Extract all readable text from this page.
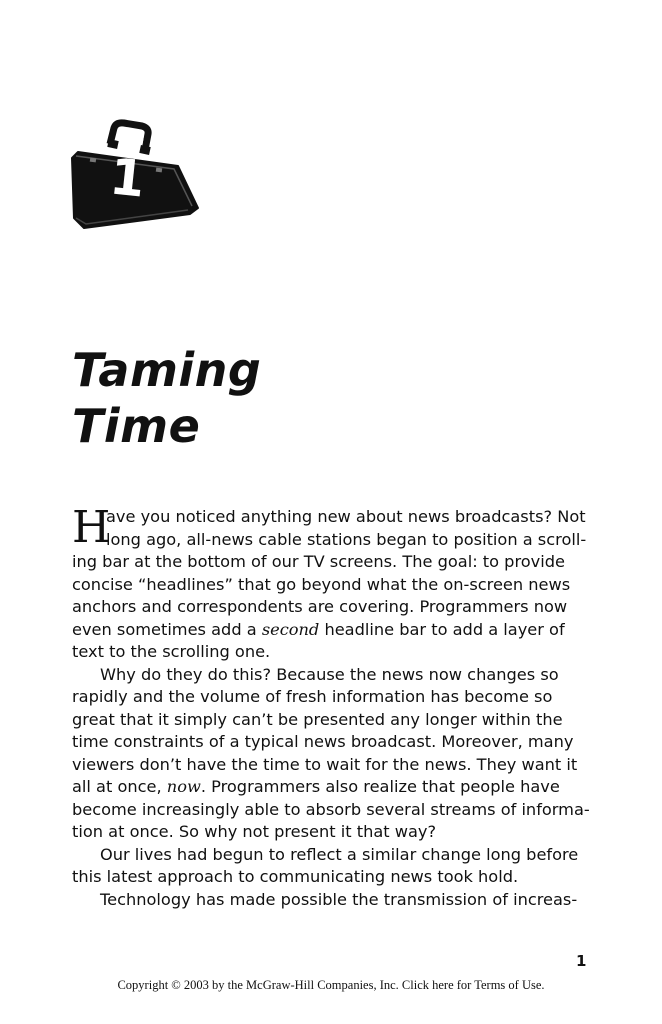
1
Taming
Time
H
ave you noticed anything new about news broadcasts? Not
long ago, all-news cable stations began to position a scroll-
ing bar at the bottom of our TV screens. The goal: to provide
concise “headlines” that go beyond what the on-screen news
anchors and correspondents are covering. Programmers now
even sometimes add a second headline bar to add a layer of
text to the scrolling one.
Why do they do this? Because the news now changes so
rapidly and the volume of fresh information has become so
great that it simply can’t be presented any longer within the
time constraints of a typical news broadcast. Moreover, many
viewers don’t have the time to wait for the news. They want it
all at once, now. Programmers also realize that people have
become increasingly able to absorb several streams of informa-
tion at once. So why not present it that way?
Our lives had begun to reflect a similar change long before
this latest approach to communicating news took hold.
Technology has made possible the transmission of increas-
1
Copyright © 2003 by the McGraw-Hill Companies, Inc. Click here for Terms of Use.
